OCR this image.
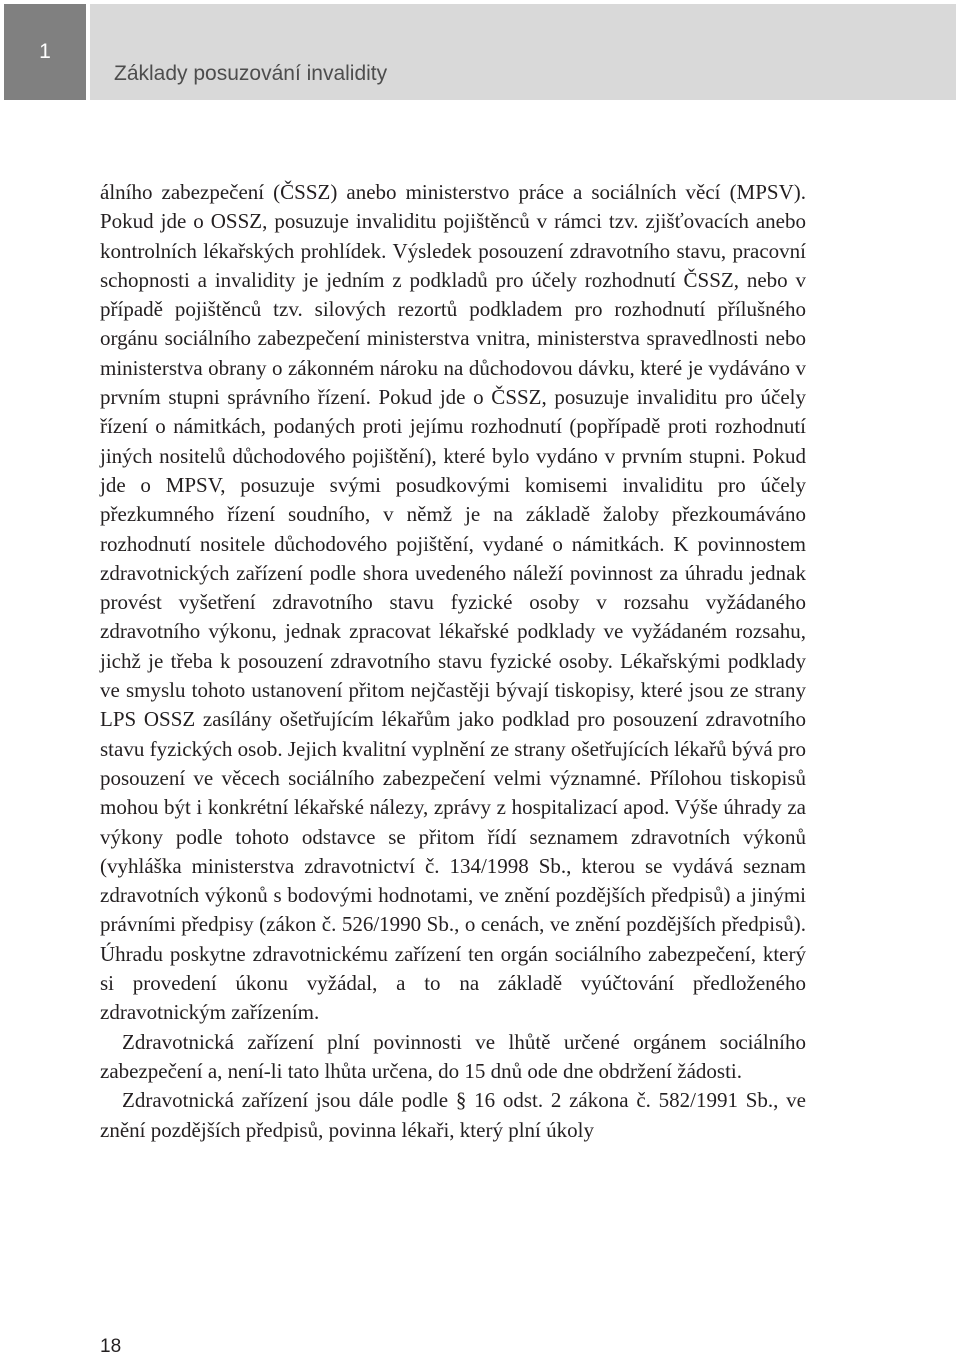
1
Základy posuzování invalidity

álního zabezpečení (ČSSZ) anebo ministerstvo práce a sociálních věcí (MPSV). Pokud jde o OSSZ, posuzuje invaliditu pojištěnců v rámci tzv. zjišťovacích anebo kontrolních lékařských prohlídek. Výsledek posouzení zdravotního stavu, pracovní schopnosti a invalidity je jedním z podkladů pro účely rozhodnutí ČSSZ, nebo v případě pojištěnců tzv. silových rezortů podkladem pro rozhodnutí přílušného orgánu sociálního zabezpečení ministerstva vnitra, ministerstva spravedlnosti nebo ministerstva obrany o zákonném nároku na důchodovou dávku, které je vydáváno v prvním stupni správního řízení. Pokud jde o ČSSZ, posuzuje invaliditu pro účely řízení o námitkách, podaných proti jejímu rozhodnutí (popřípadě proti rozhodnutí jiných nositelů důchodového pojištění), které bylo vydáno v prvním stupni. Pokud jde o MPSV, posuzuje svými posudkovými komisemi invaliditu pro účely přezkumného řízení soudního, v němž je na základě žaloby přezkoumáváno rozhodnutí nositele důchodového pojištění, vydané o námitkách. K povinnostem zdravotnických zařízení podle shora uvedeného náleží povinnost za úhradu jednak provést vyšetření zdravotního stavu fyzické osoby v rozsahu vyžádaného zdravotního výkonu, jednak zpracovat lékařské podklady ve vyžádaném rozsahu, jichž je třeba k posouzení zdravotního stavu fyzické osoby. Lékařskými podklady ve smyslu tohoto ustanovení přitom nejčastěji bývají tiskopisy, které jsou ze strany LPS OSSZ zasílány ošetřujícím lékařům jako podklad pro posouzení zdravotního stavu fyzických osob. Jejich kvalitní vyplnění ze strany ošetřujících lékařů bývá pro posouzení ve věcech sociálního zabezpečení velmi významné. Přílohou tiskopisů mohou být i konkrétní lékařské nálezy, zprávy z hospitalizací apod. Výše úhrady za výkony podle tohoto odstavce se přitom řídí seznamem zdravotních výkonů (vyhláška ministerstva zdravotnictví č. 134/1998 Sb., kterou se vydává seznam zdravotních výkonů s bodovými hodnotami, ve znění pozdějších předpisů) a jinými právními předpisy (zákon č. 526/1990 Sb., o cenách, ve znění pozdějších předpisů). Úhradu poskytne zdravotnickému zařízení ten orgán sociálního zabezpečení, který si provedení úkonu vyžádal, a to na základě vyúčtování předloženého zdravotnickým zařízením.

Zdravotnická zařízení plní povinnosti ve lhůtě určené orgánem sociálního zabezpečení a, není-li tato lhůta určena, do 15 dnů ode dne obdržení žádosti.

Zdravotnická zařízení jsou dále podle § 16 odst. 2 zákona č. 582/1991 Sb., ve znění pozdějších předpisů, povinna lékaři, který plní úkoly

18
